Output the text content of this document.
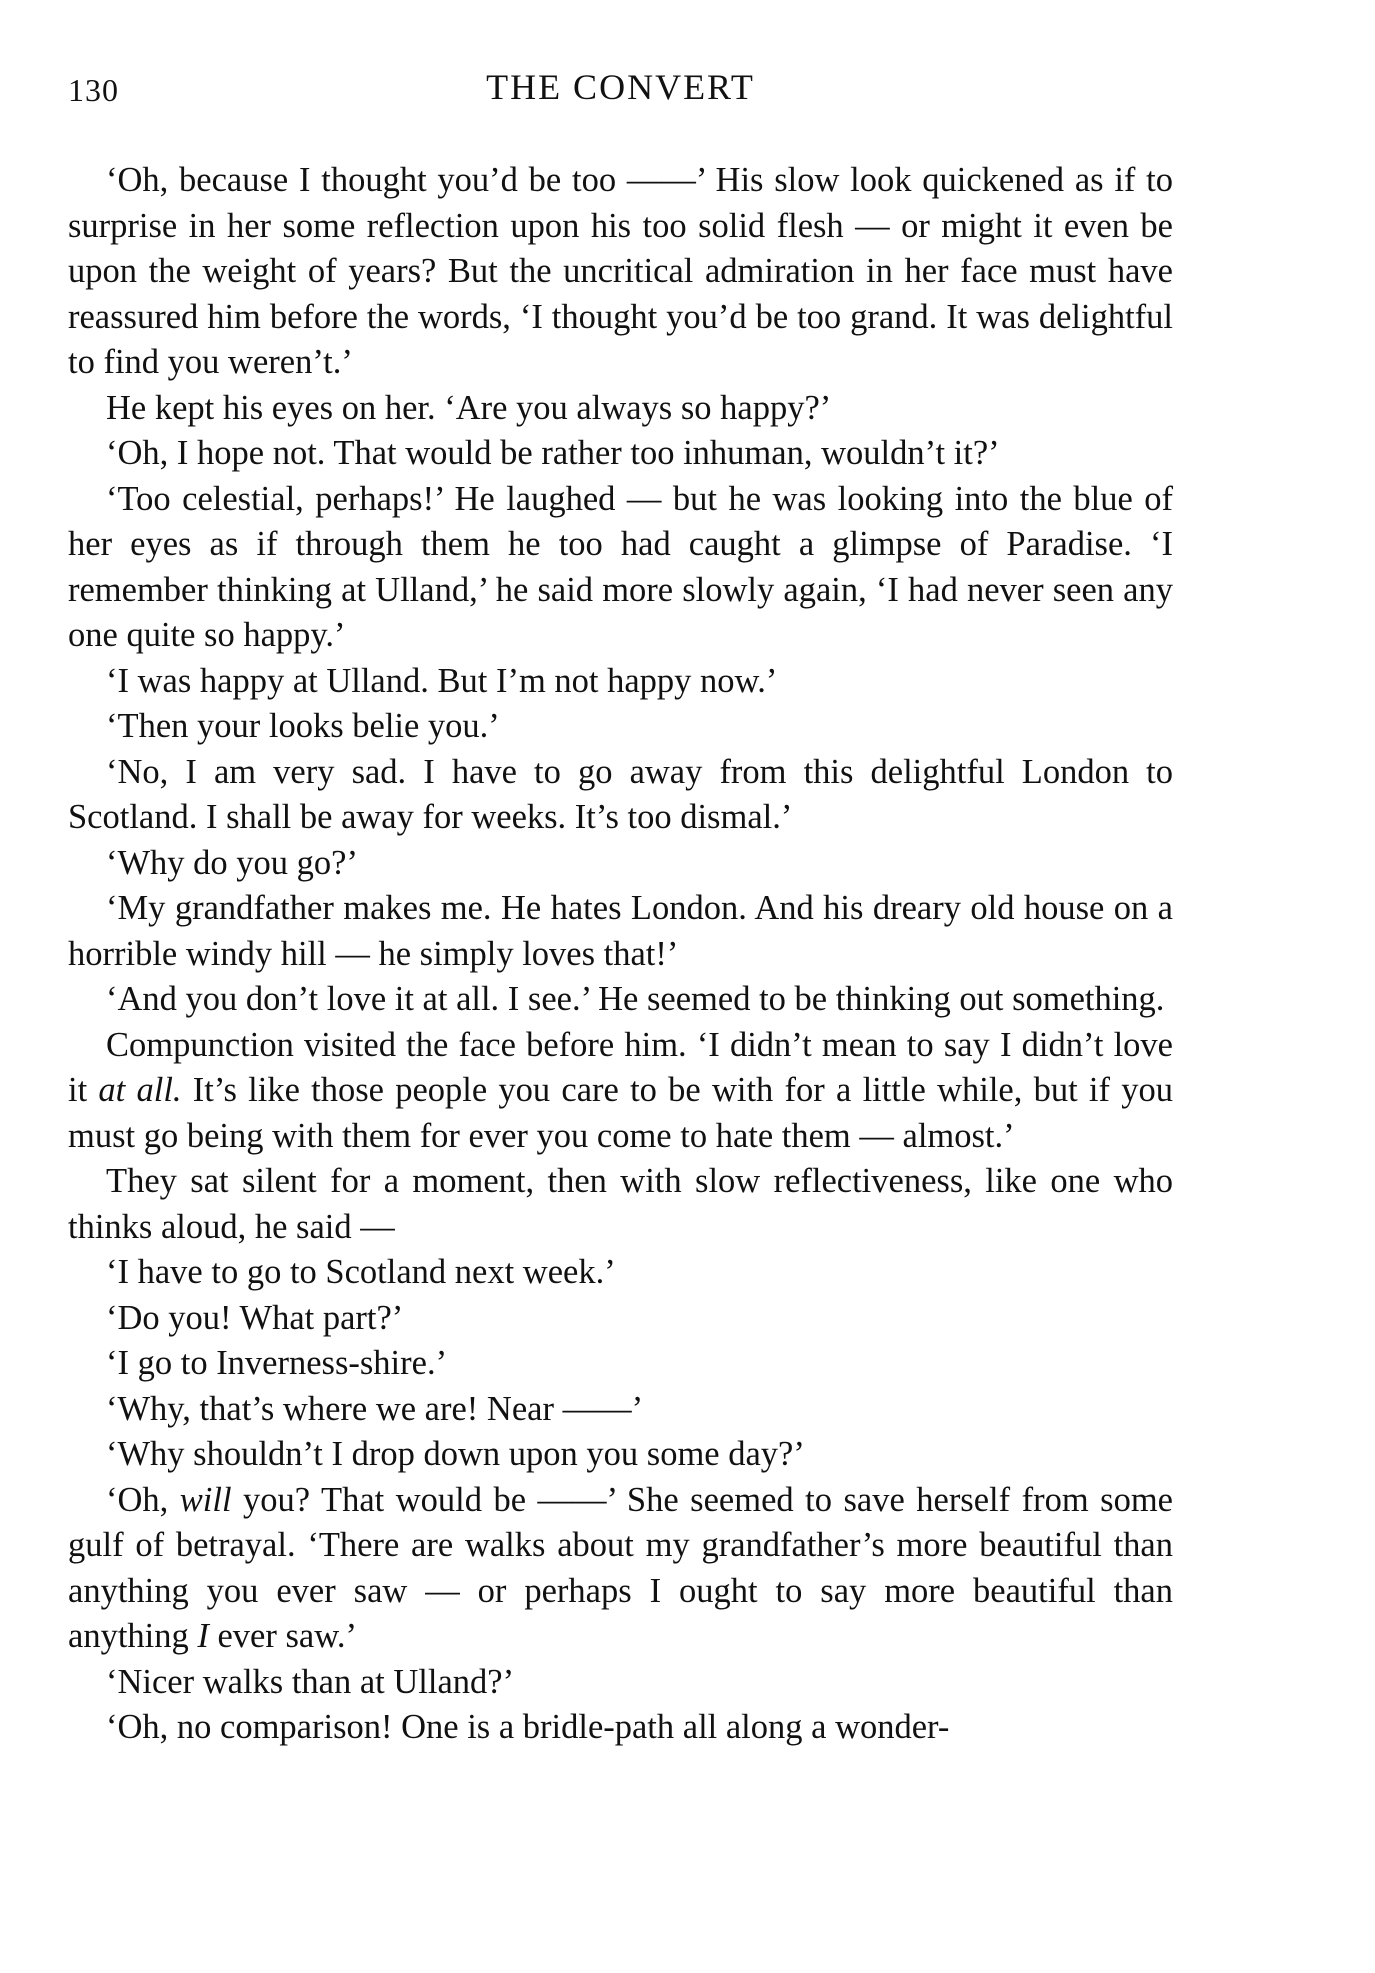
130	THE CONVERT

‘Oh, because I thought you’d be too ——’ His slow look quickened as if to surprise in her some reflection upon his too solid flesh — or might it even be upon the weight of years? But the uncritical admiration in her face must have reassured him before the words, ‘I thought you’d be too grand. It was delightful to find you weren’t.’

He kept his eyes on her. ‘Are you always so happy?’

‘Oh, I hope not. That would be rather too inhuman, wouldn’t it?’

‘Too celestial, perhaps!’ He laughed — but he was looking into the blue of her eyes as if through them he too had caught a glimpse of Paradise. ‘I remember thinking at Ulland,’ he said more slowly again, ‘I had never seen any one quite so happy.’

‘I was happy at Ulland. But I’m not happy now.’

‘Then your looks belie you.’

‘No, I am very sad. I have to go away from this delightful London to Scotland. I shall be away for weeks. It’s too dismal.’

‘Why do you go?’

‘My grandfather makes me. He hates London. And his dreary old house on a horrible windy hill — he simply loves that!’

‘And you don’t love it at all. I see.’ He seemed to be thinking out something.

Compunction visited the face before him. ‘I didn’t mean to say I didn’t love it at all. It’s like those people you care to be with for a little while, but if you must go being with them for ever you come to hate them — almost.’

They sat silent for a moment, then with slow reflectiveness, like one who thinks aloud, he said —

‘I have to go to Scotland next week.’

‘Do you! What part?’

‘I go to Inverness-shire.’

‘Why, that’s where we are! Near ——’

‘Why shouldn’t I drop down upon you some day?’

‘Oh, will you? That would be ——’ She seemed to save herself from some gulf of betrayal. ‘There are walks about my grandfather’s more beautiful than anything you ever saw — or perhaps I ought to say more beautiful than anything I ever saw.’

‘Nicer walks than at Ulland?’

‘Oh, no comparison! One is a bridle-path all along a wonder-
